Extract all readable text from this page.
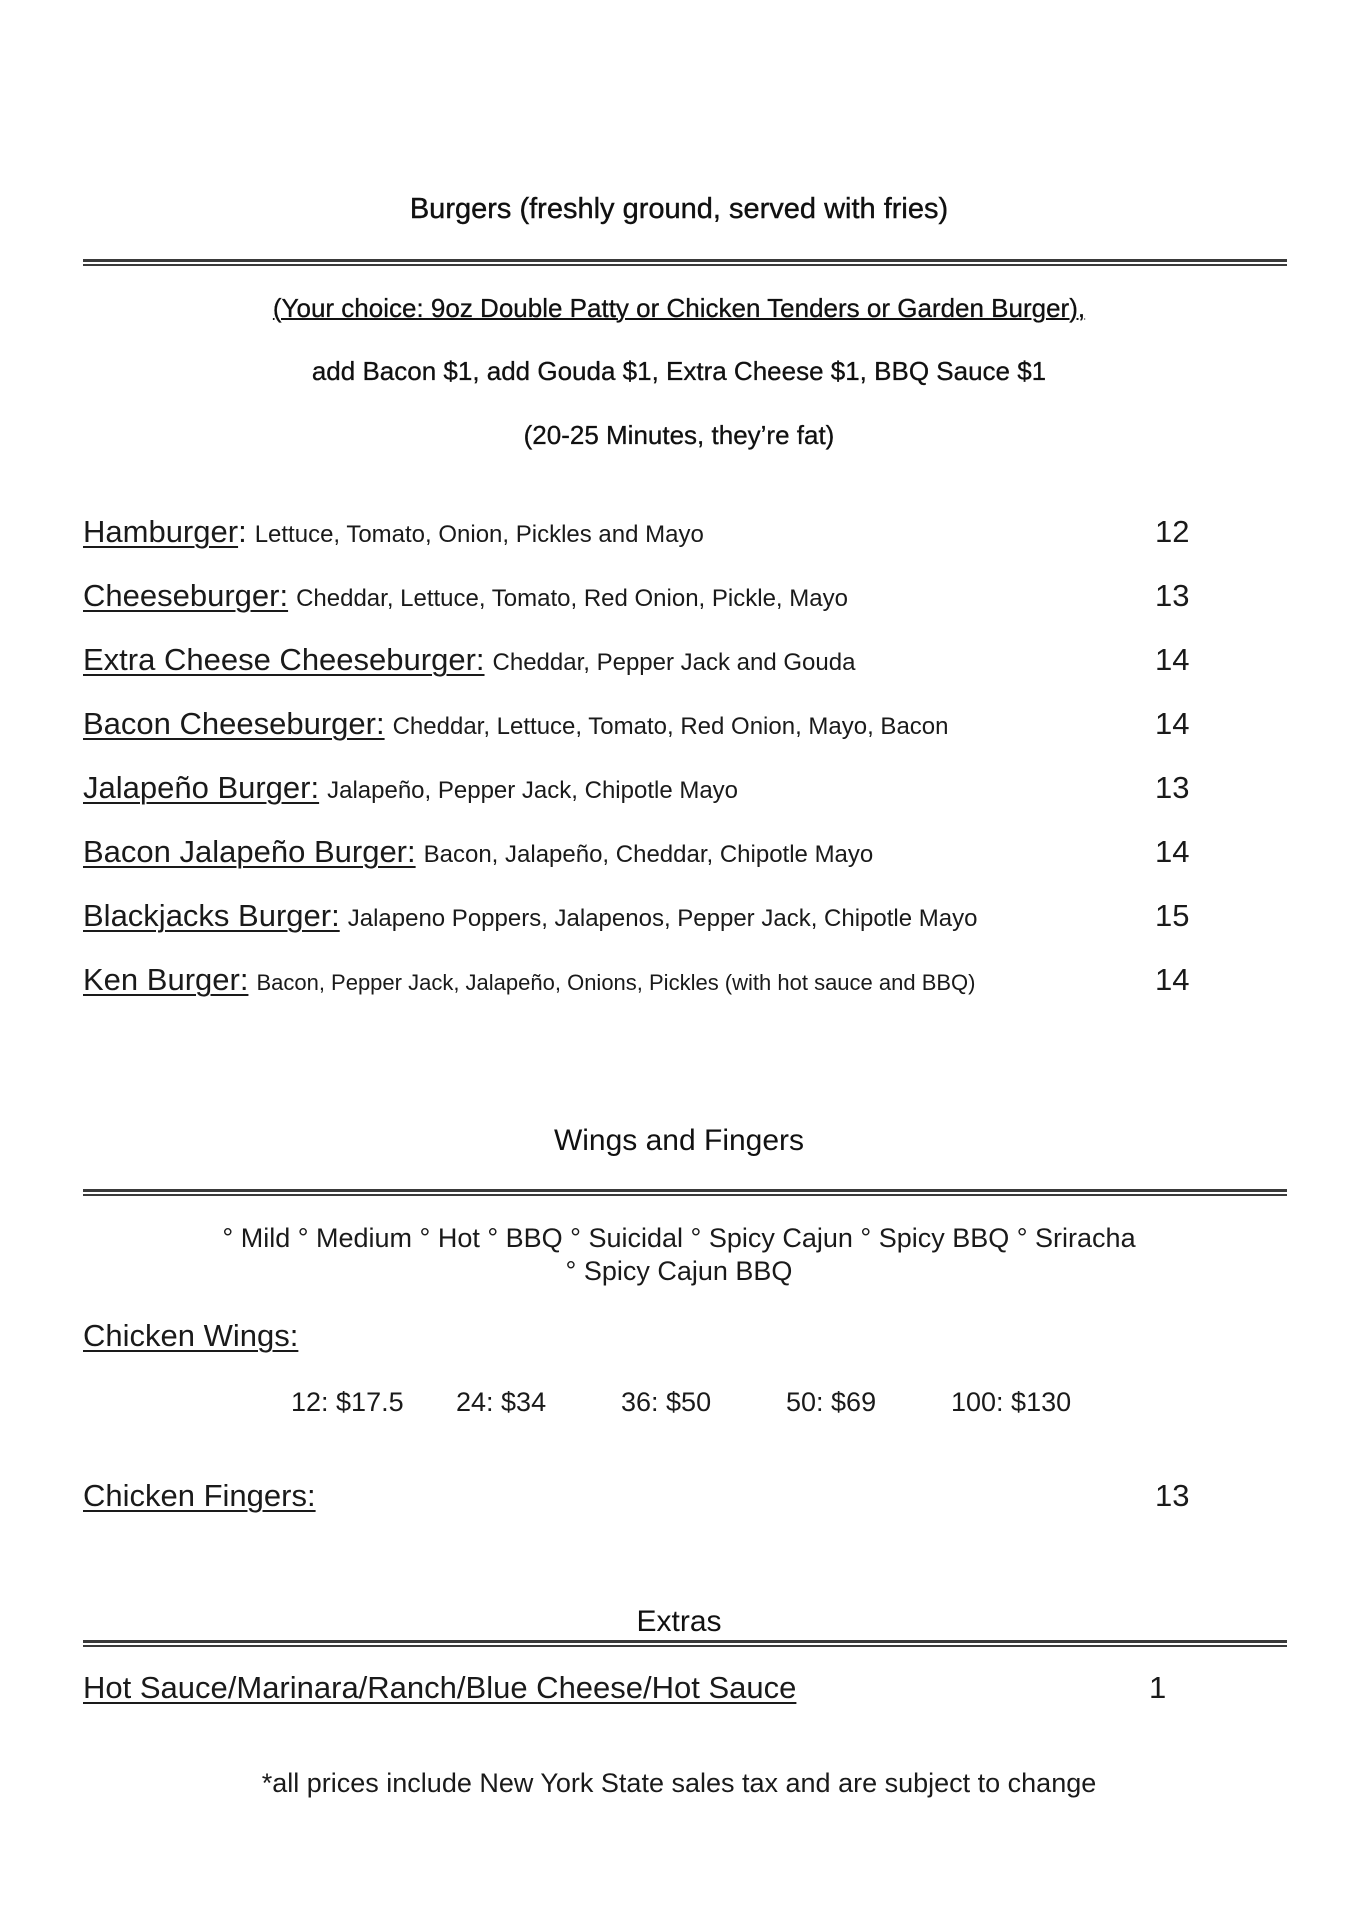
Burgers (freshly ground, served with fries)
(Your choice: 9oz Double Patty or Chicken Tenders or Garden Burger),
add Bacon $1, add Gouda $1, Extra Cheese $1, BBQ Sauce $1
(20-25 Minutes, they’re fat)
Hamburger: Lettuce, Tomato, Onion, Pickles and Mayo	12
Cheeseburger: Cheddar, Lettuce, Tomato, Red Onion, Pickle, Mayo	13
Extra Cheese Cheeseburger: Cheddar, Pepper Jack and Gouda	14
Bacon Cheeseburger: Cheddar, Lettuce, Tomato, Red Onion, Mayo, Bacon	14
Jalapeño Burger: Jalapeño, Pepper Jack, Chipotle Mayo	13
Bacon Jalapeño Burger: Bacon, Jalapeño, Cheddar, Chipotle Mayo	14
Blackjacks Burger: Jalapeno Poppers, Jalapenos, Pepper Jack, Chipotle Mayo	15
Ken Burger: Bacon, Pepper Jack, Jalapeño, Onions, Pickles (with hot sauce and BBQ)	14
Wings and Fingers
° Mild ° Medium ° Hot ° BBQ ° Suicidal ° Spicy Cajun ° Spicy BBQ ° Sriracha
° Spicy Cajun BBQ
Chicken Wings:
12: $17.5 24: $34	36: $50	50: $69	100: $130
Chicken Fingers:	13
Extras
Hot Sauce/Marinara/Ranch/Blue Cheese/Hot Sauce	1
*all prices include New York State sales tax and are subject to change
